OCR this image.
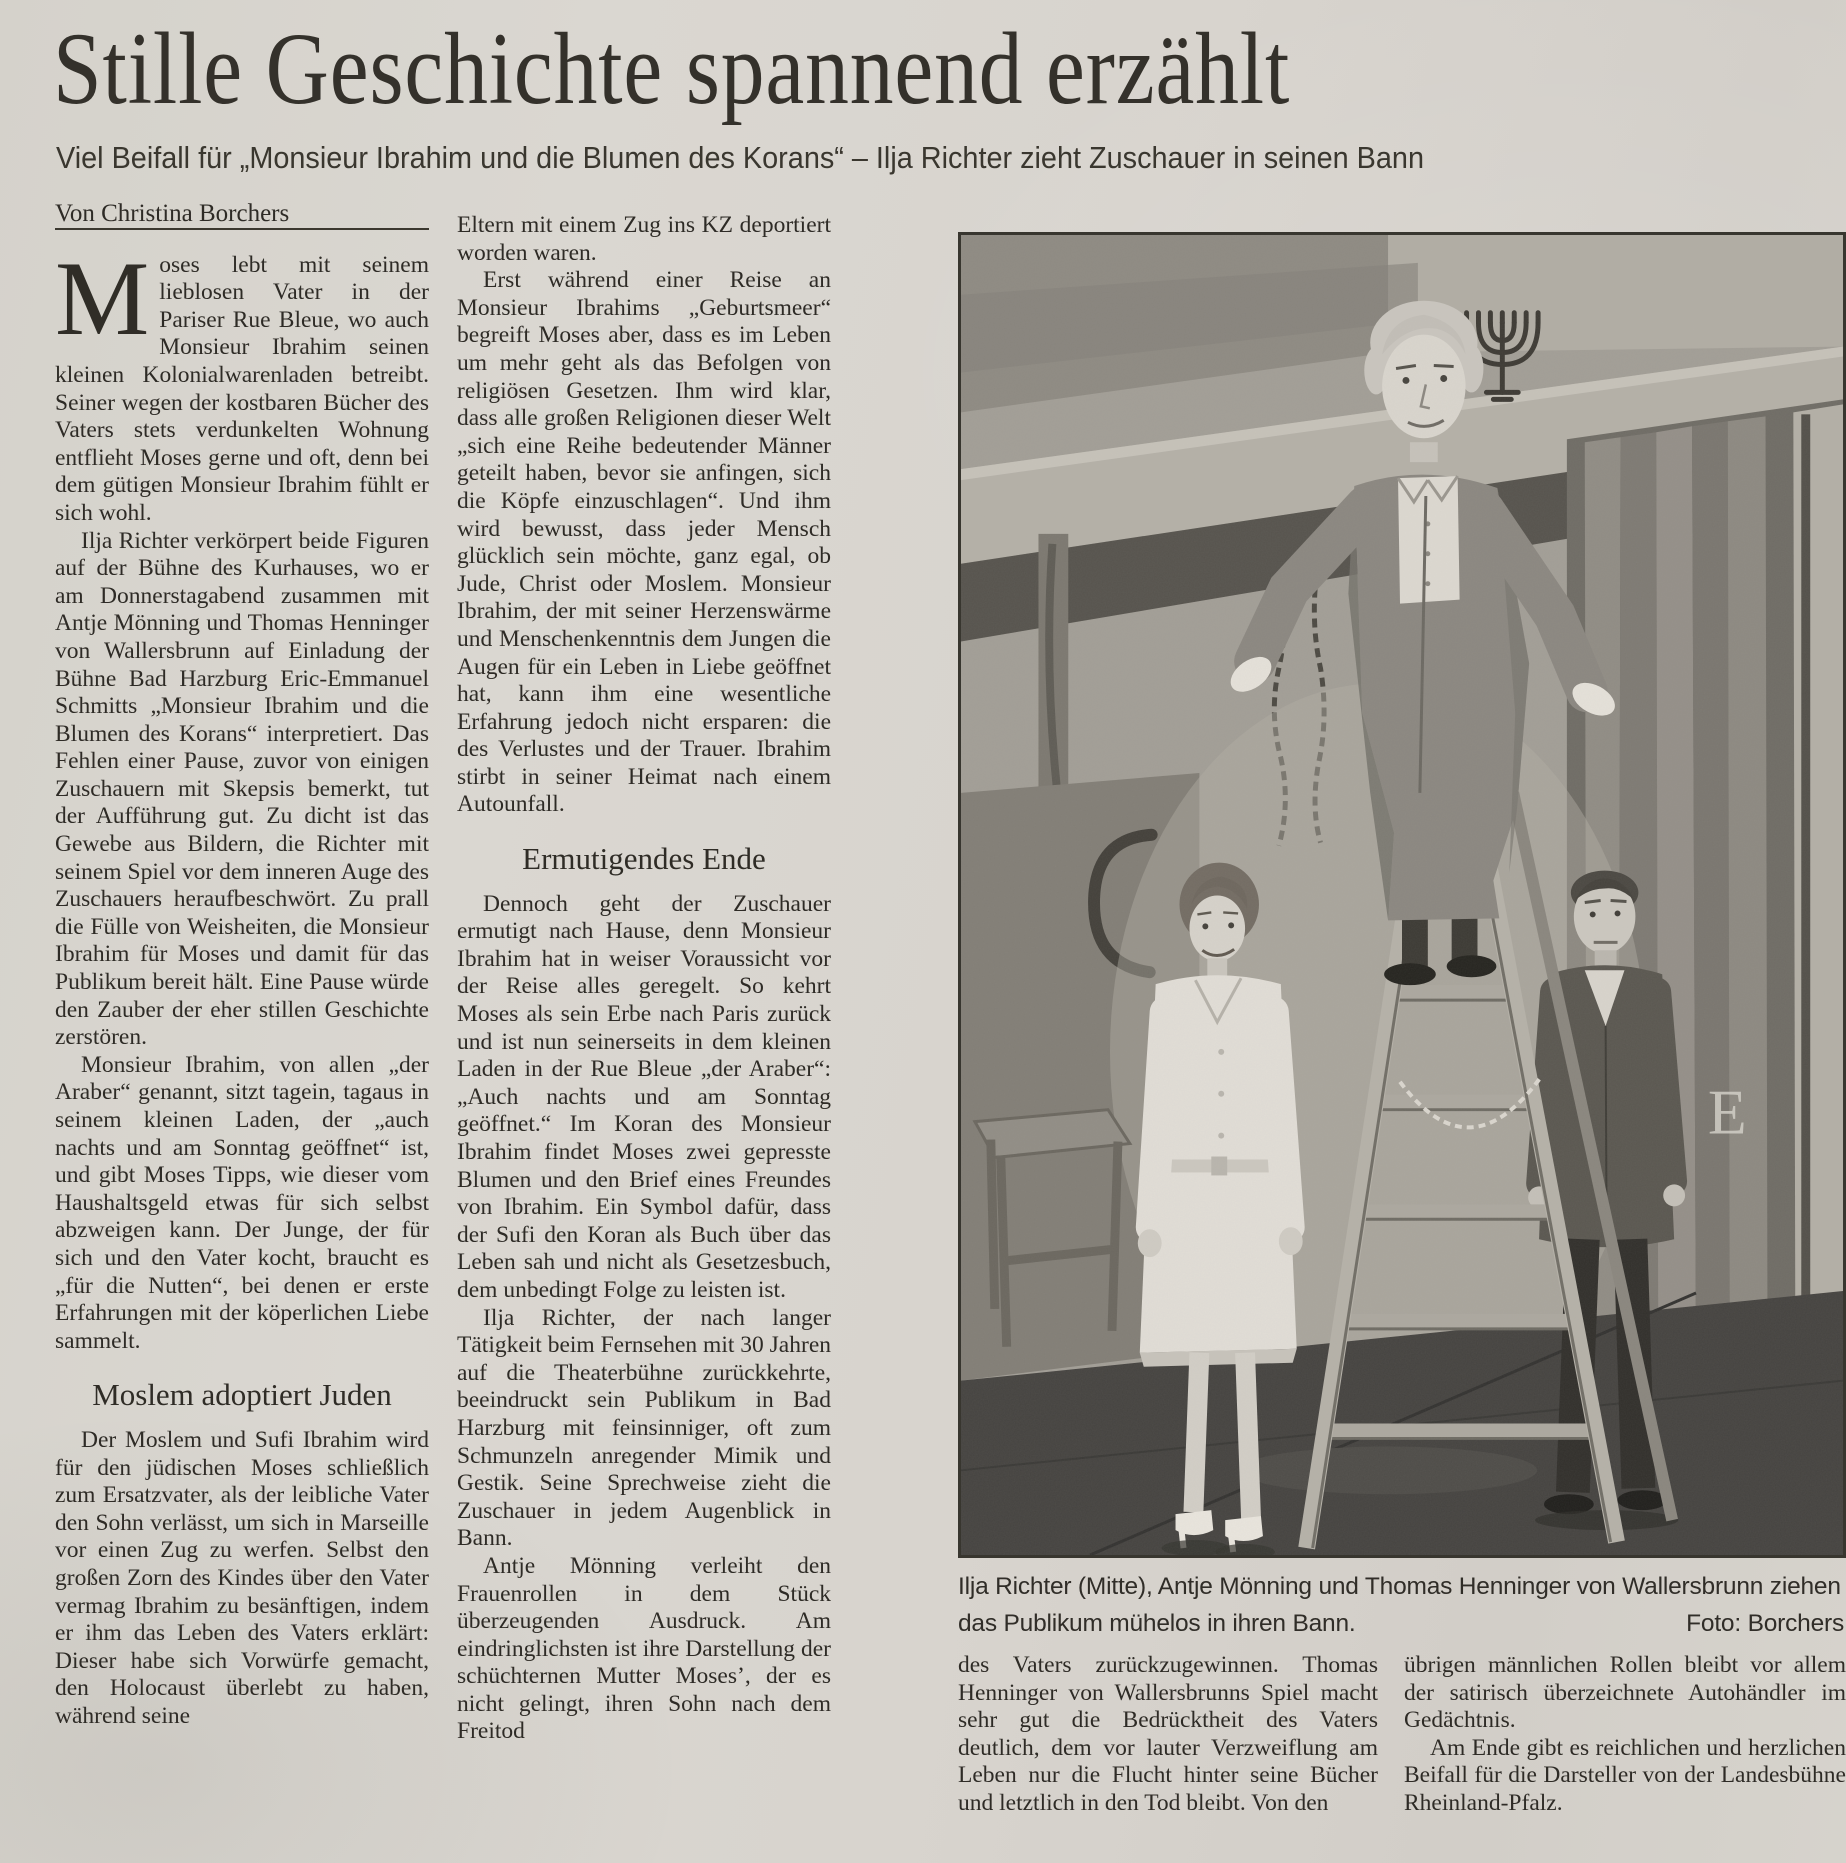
Stille Geschichte spannend erzählt

Viel Beifall für „Monsieur Ibrahim und die Blumen des Korans“ – Ilja Richter zieht Zuschauer in seinen Bann

Von Christina Borchers

Moses lebt mit seinem lieblosen Vater in der Pariser Rue Bleue, wo auch Monsieur Ibrahim seinen kleinen Kolonialwarenladen betreibt. Seiner wegen der kostbaren Bücher des Vaters stets verdunkelten Wohnung entflieht Moses gerne und oft, denn bei dem gütigen Monsieur Ibrahim fühlt er sich wohl.

Ilja Richter verkörpert beide Figuren auf der Bühne des Kurhauses, wo er am Donnerstagabend zusammen mit Antje Mönning und Thomas Henninger von Wallersbrunn auf Einladung der Bühne Bad Harzburg Eric-Emmanuel Schmitts „Monsieur Ibrahim und die Blumen des Korans“ interpretiert. Das Fehlen einer Pause, zuvor von einigen Zuschauern mit Skepsis bemerkt, tut der Aufführung gut. Zu dicht ist das Gewebe aus Bildern, die Richter mit seinem Spiel vor dem inneren Auge des Zuschauers heraufbeschwört. Zu prall die Fülle von Weisheiten, die Monsieur Ibrahim für Moses und damit für das Publikum bereit hält. Eine Pause würde den Zauber der eher stillen Geschichte zerstören.

Monsieur Ibrahim, von allen „der Araber“ genannt, sitzt tagein, tagaus in seinem kleinen Laden, der „auch nachts und am Sonntag geöffnet“ ist, und gibt Moses Tipps, wie dieser vom Haushaltsgeld etwas für sich selbst abzweigen kann. Der Junge, der für sich und den Vater kocht, braucht es „für die Nutten“, bei denen er erste Erfahrungen mit der köperlichen Liebe sammelt.

Moslem adoptiert Juden

Der Moslem und Sufi Ibrahim wird für den jüdischen Moses schließlich zum Ersatzvater, als der leibliche Vater den Sohn verlässt, um sich in Marseille vor einen Zug zu werfen. Selbst den großen Zorn des Kindes über den Vater vermag Ibrahim zu besänftigen, indem er ihm das Leben des Vaters erklärt: Dieser habe sich Vorwürfe gemacht, den Holocaust überlebt zu haben, während seine

Eltern mit einem Zug ins KZ deportiert worden waren.

Erst während einer Reise an Monsieur Ibrahims „Geburtsmeer“ begreift Moses aber, dass es im Leben um mehr geht als das Befolgen von religiösen Gesetzen. Ihm wird klar, dass alle großen Religionen dieser Welt „sich eine Reihe bedeutender Männer geteilt haben, bevor sie anfingen, sich die Köpfe einzuschlagen“. Und ihm wird bewusst, dass jeder Mensch glücklich sein möchte, ganz egal, ob Jude, Christ oder Moslem. Monsieur Ibrahim, der mit seiner Herzenswärme und Menschenkenntnis dem Jungen die Augen für ein Leben in Liebe geöffnet hat, kann ihm eine wesentliche Erfahrung jedoch nicht ersparen: die des Verlustes und der Trauer. Ibrahim stirbt in seiner Heimat nach einem Autounfall.

Ermutigendes Ende

Dennoch geht der Zuschauer ermutigt nach Hause, denn Monsieur Ibrahim hat in weiser Voraussicht vor der Reise alles geregelt. So kehrt Moses als sein Erbe nach Paris zurück und ist nun seinerseits in dem kleinen Laden in der Rue Bleue „der Araber“: „Auch nachts und am Sonntag geöffnet.“ Im Koran des Monsieur Ibrahim findet Moses zwei gepresste Blumen und den Brief eines Freundes von Ibrahim. Ein Symbol dafür, dass der Sufi den Koran als Buch über das Leben sah und nicht als Gesetzesbuch, dem unbedingt Folge zu leisten ist.

Ilja Richter, der nach langer Tätigkeit beim Fernsehen mit 30 Jahren auf die Theaterbühne zurückkehrte, beeindruckt sein Publikum in Bad Harzburg mit feinsinniger, oft zum Schmunzeln anregender Mimik und Gestik. Seine Sprechweise zieht die Zuschauer in jedem Augenblick in Bann.

Antje Mönning verleiht den Frauenrollen in dem Stück überzeugenden Ausdruck. Am eindringlichsten ist ihre Darstellung der schüchternen Mutter Moses’, der es nicht gelingt, ihren Sohn nach dem Freitod

E

Ilja Richter (Mitte), Antje Mönning und Thomas Henninger von Wallersbrunn ziehen das Publikum mühelos in ihren Bann.	Foto: Borchers

des Vaters zurückzugewinnen. Thomas Henninger von Wallersbrunns Spiel macht sehr gut die Bedrücktheit des Vaters deutlich, dem vor lauter Verzweiflung am Leben nur die Flucht hinter seine Bücher und letztlich in den Tod bleibt. Von den

übrigen männlichen Rollen bleibt vor allem der satirisch überzeichnete Autohändler im Gedächtnis.

Am Ende gibt es reichlichen und herzlichen Beifall für die Darsteller von der Landesbühne Rheinland-Pfalz.
